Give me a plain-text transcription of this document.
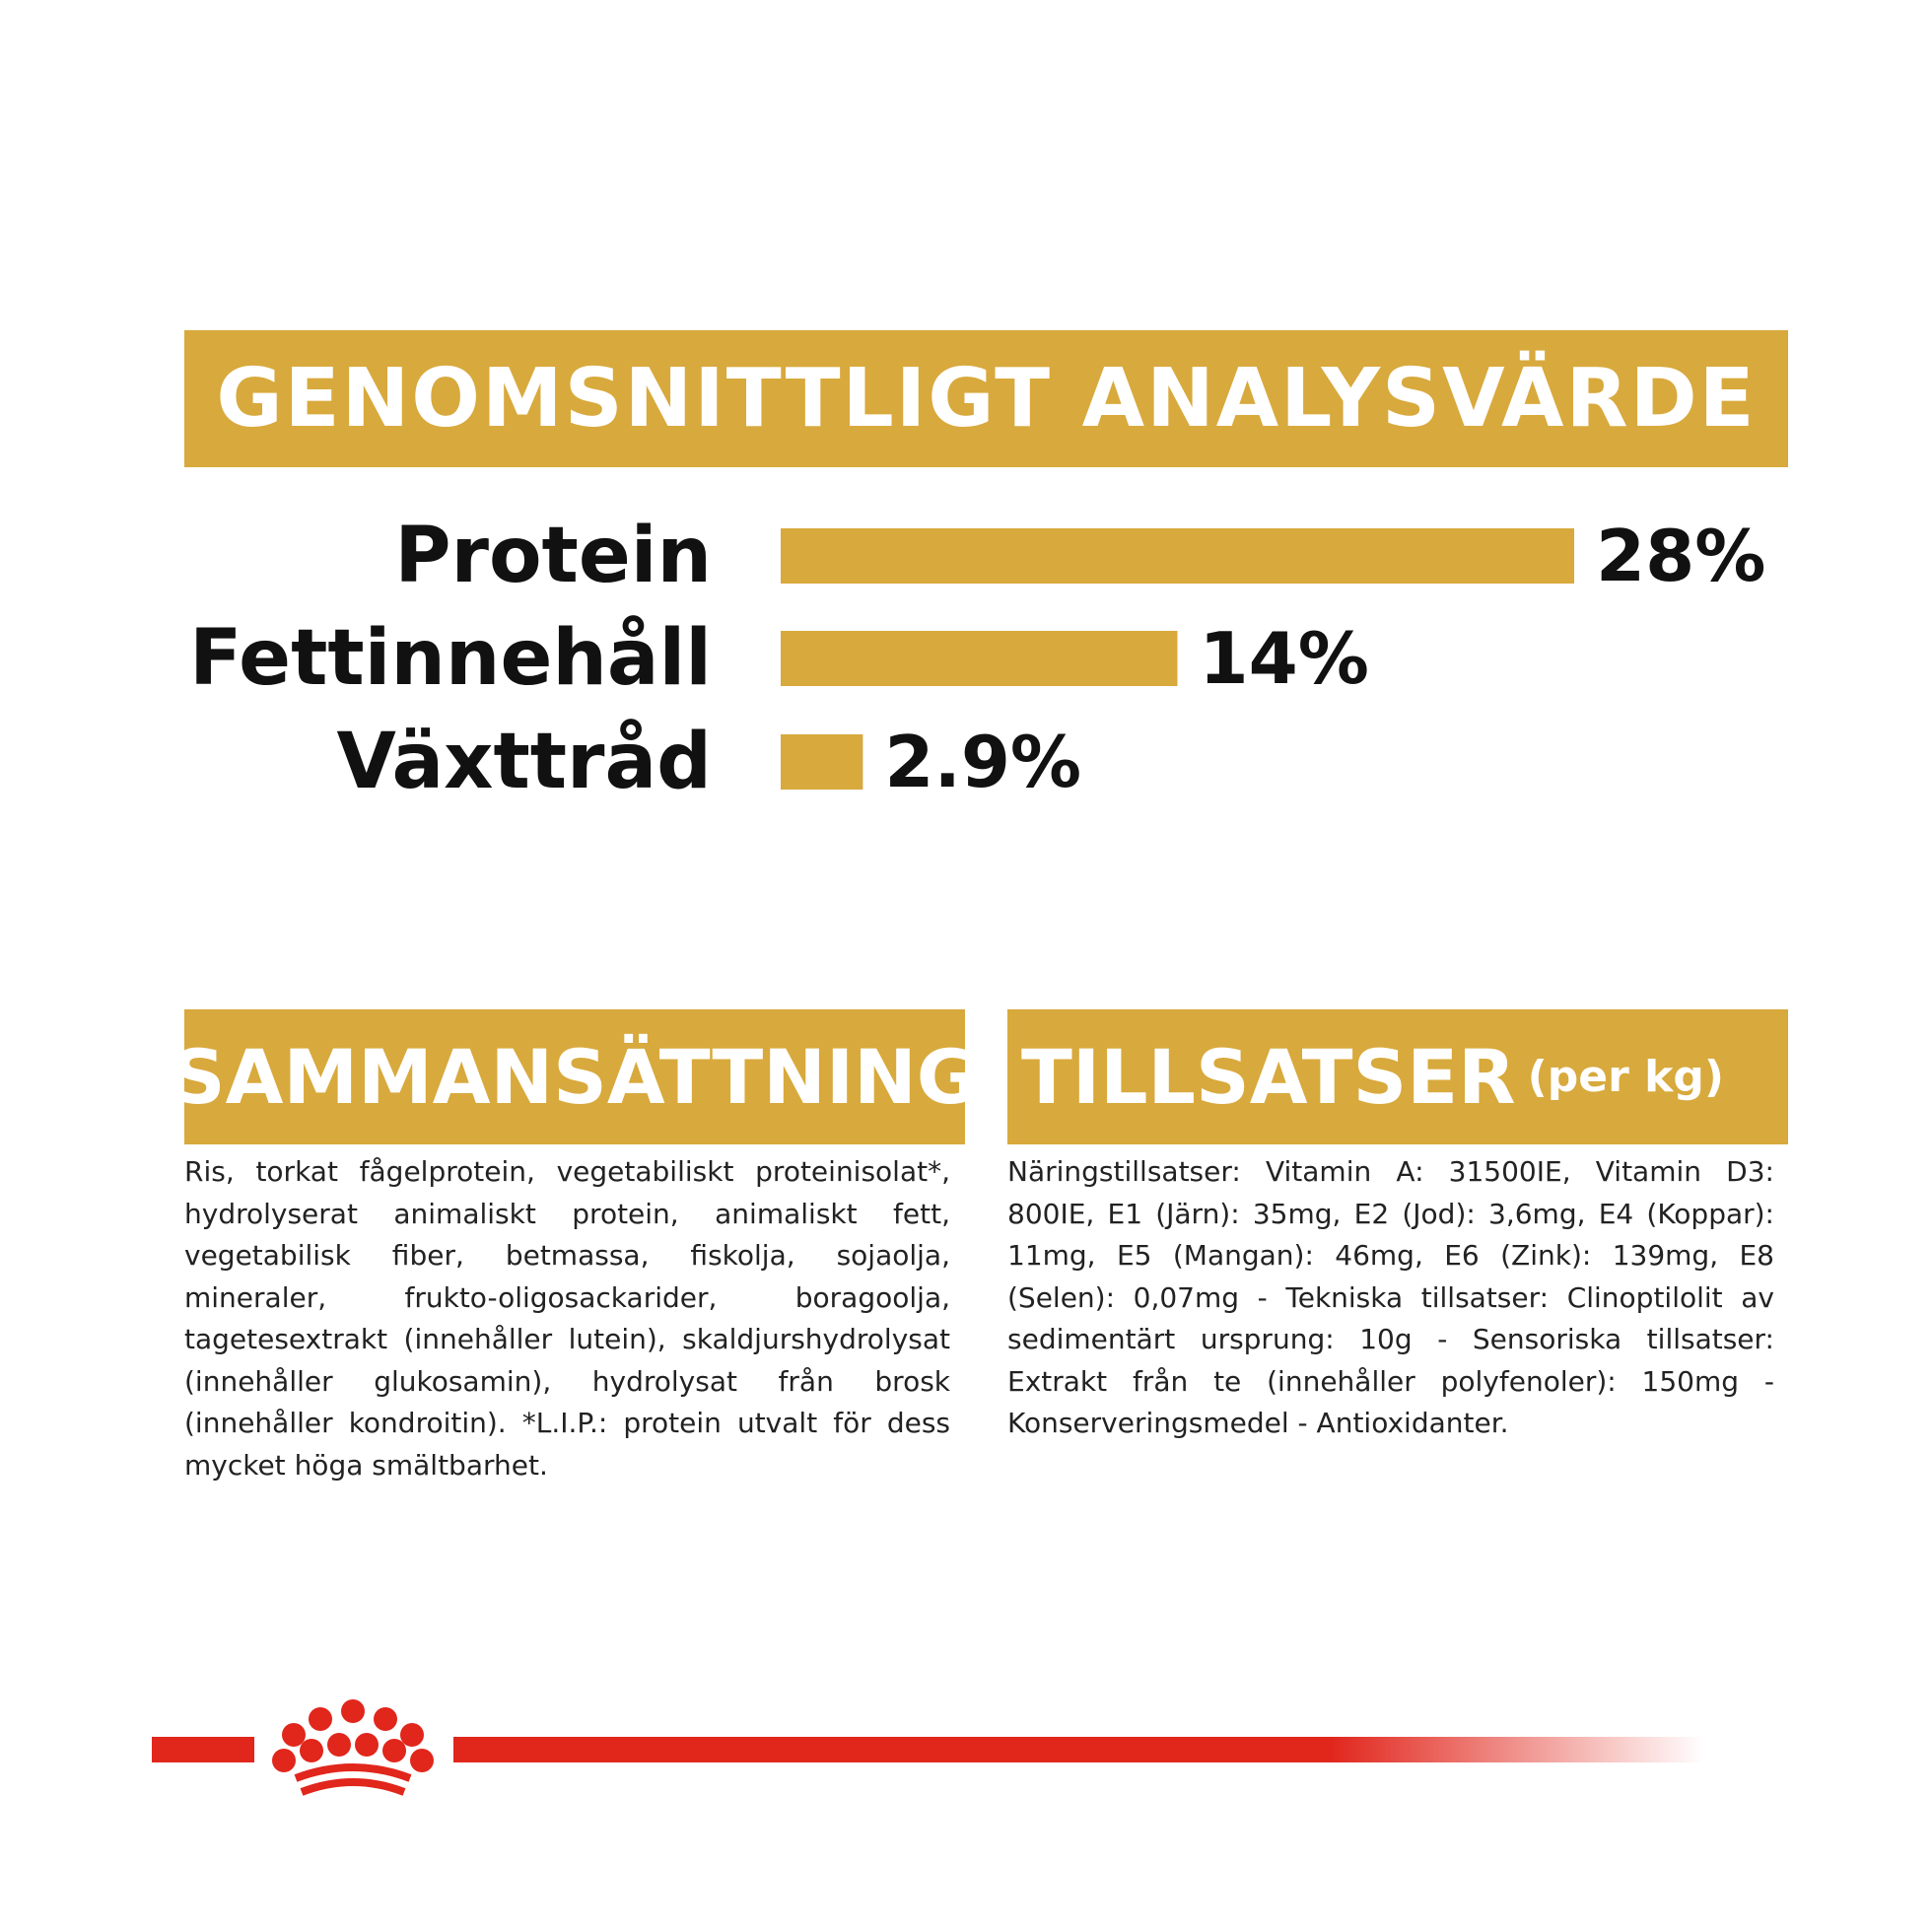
GENOMSNITTLIGT ANALYSVÄRDE
Protein	28%
Fettinnehåll	14%
Växttråd 2.9%
SAMMANSÄTTNING

Ris, torkat fågelprotein, vegetabiliskt proteinisolat*, hydrolyserat animaliskt protein, animaliskt fett, vegetabilisk fiber, betmassa, fiskolja, sojaolja, mineraler, frukto-oligosackarider, boragoolja, tagetesextrakt (innehåller lutein), skaldjurshydrolysat (innehåller glukosamin), hydrolysat från brosk (innehåller kondroitin). *L.I.P.: protein utvalt för dess mycket höga smältbarhet.

TILLSATSER (per kg)

Näringstillsatser: Vitamin A: 31500IE, Vitamin D3: 800IE, E1 (Järn): 35mg, E2 (Jod): 3,6mg, E4 (Koppar): 11mg, E5 (Mangan): 46mg, E6 (Zink): 139mg, E8 (Selen): 0,07mg - Tekniska tillsatser: Clinoptilolit av sedimentärt ursprung: 10g - Sensoriska tillsatser: Extrakt från te (innehåller polyfenoler): 150mg - Konserveringsmedel - Antioxidanter.
